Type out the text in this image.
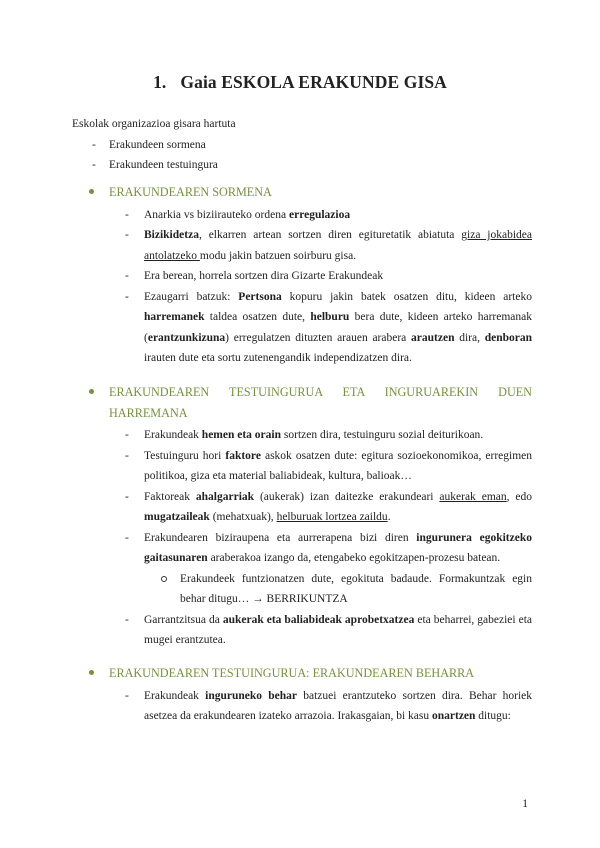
1. Gaia ESKOLA ERAKUNDE GISA
Eskolak organizazioa gisara hartuta
- Erakundeen sormena
- Erakundeen testuingura
ERAKUNDEAREN SORMENA
- Anarkia vs biziirauteko ordena erregulazioa
- Bizikidetza, elkarren artean sortzen diren egituretatik abiatuta giza jokabidea antolatzeko modu jakin batzuen soirburu gisa.
- Era berean, horrela sortzen dira Gizarte Erakundeak
- Ezaugarri batzuk: Pertsona kopuru jakin batek osatzen ditu, kideen arteko harremanek taldea osatzen dute, helburu bera dute, kideen arteko harremanak (erantzunkizuna) erregulatzen dituzten arauen arabera arautzen dira, denboran irauten dute eta sortu zutenengandik independizatzen dira.
ERAKUNDEAREN TESTUINGURUA ETA INGURUAREKIN DUEN HARREMANA
- Erakundeak hemen eta orain sortzen dira, testuinguru sozial deiturikoan.
- Testuinguru hori faktore askok osatzen dute: egitura sozioekonomikoa, erregimen politikoa, giza eta material baliabideak, kultura, balioak…
- Faktoreak ahalgarriak (aukerak) izan daitezke erakundeari aukerak eman, edo mugatzaileak (mehatxuak), helburuak lortzea zaildu.
- Erakundearen biziraupena eta aurrerapena bizi diren ingurunera egokitzeko gaitasunaren araberakoa izango da, etengabeko egokitzapen-prozesu batean.
Erakundeek funtzionatzen dute, egokituta badaude. Formakuntzak egin behar ditugu… → BERRIKUNTZA
- Garrantzitsua da aukerak eta baliabideak aprobetxatzea eta beharrei, gabeziei eta mugei erantzutea.
ERAKUNDEAREN TESTUINGURUA: ERAKUNDEAREN BEHARRA
- Erakundeak inguruneko behar batzuei erantzuteko sortzen dira. Behar horiek asetzea da erakundearen izateko arrazoia. Irakasgaian, bi kasu onartzen ditugu:
1
